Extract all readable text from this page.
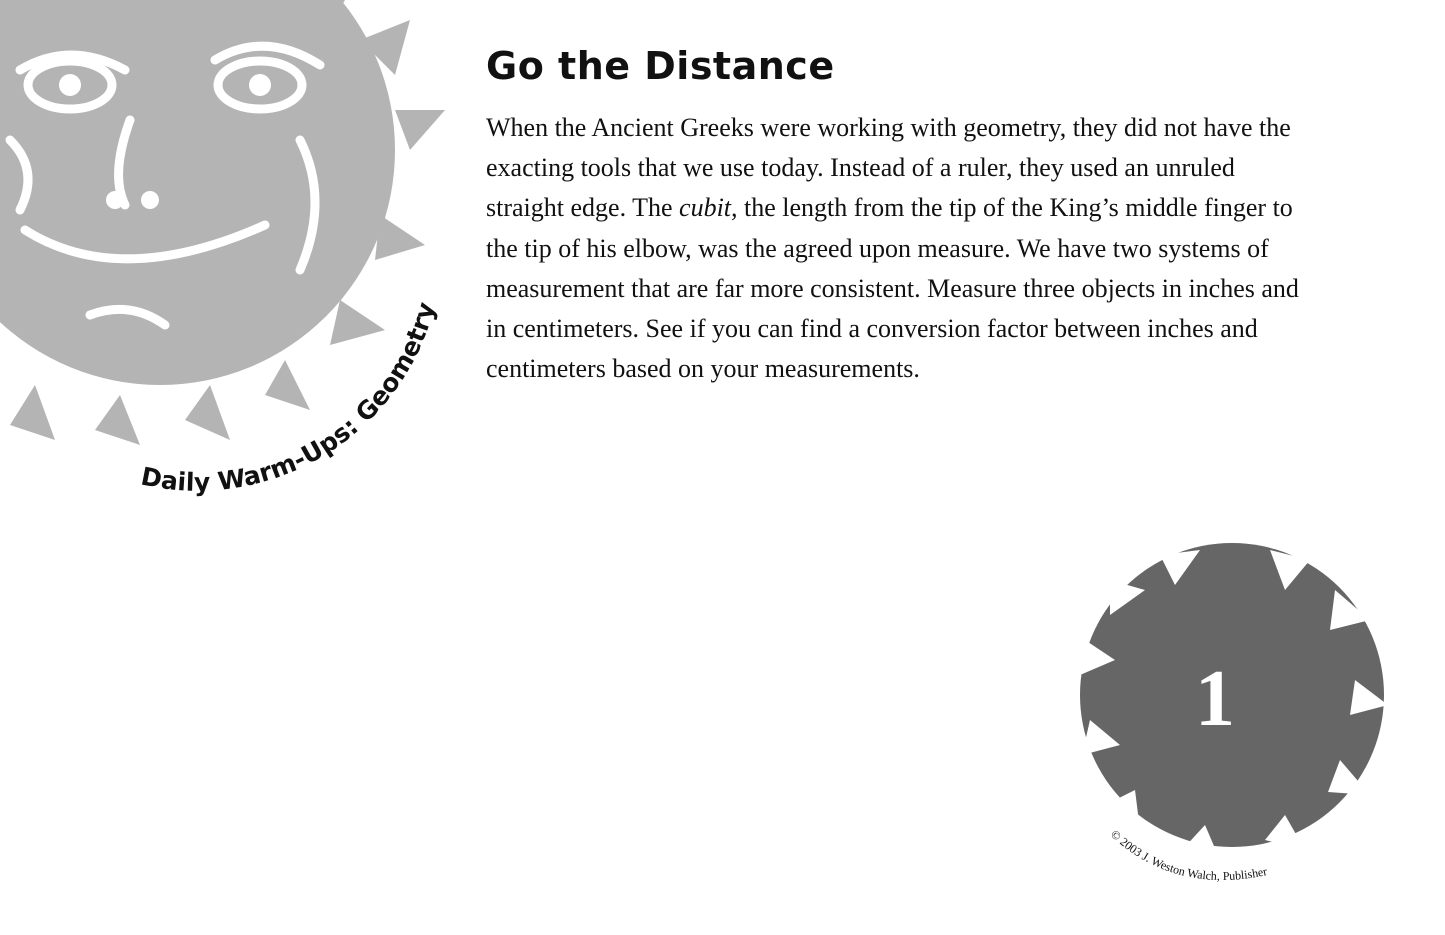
Daily Warm-Ups: Geometry
Go the Distance

When the Ancient Greeks were working with geometry, they did not have the exacting tools that we use today. Instead of a ruler, they used an unruled straight edge. The cubit, the length from the tip of the King’s middle finger to the tip of his elbow, was the agreed upon measure. We have two systems of measurement that are far more consistent. Measure three objects in inches and in centimeters. See if you can find a conversion factor between inches and centimeters based on your measurements.

1
© 2003 J. Weston Walch, Publisher
